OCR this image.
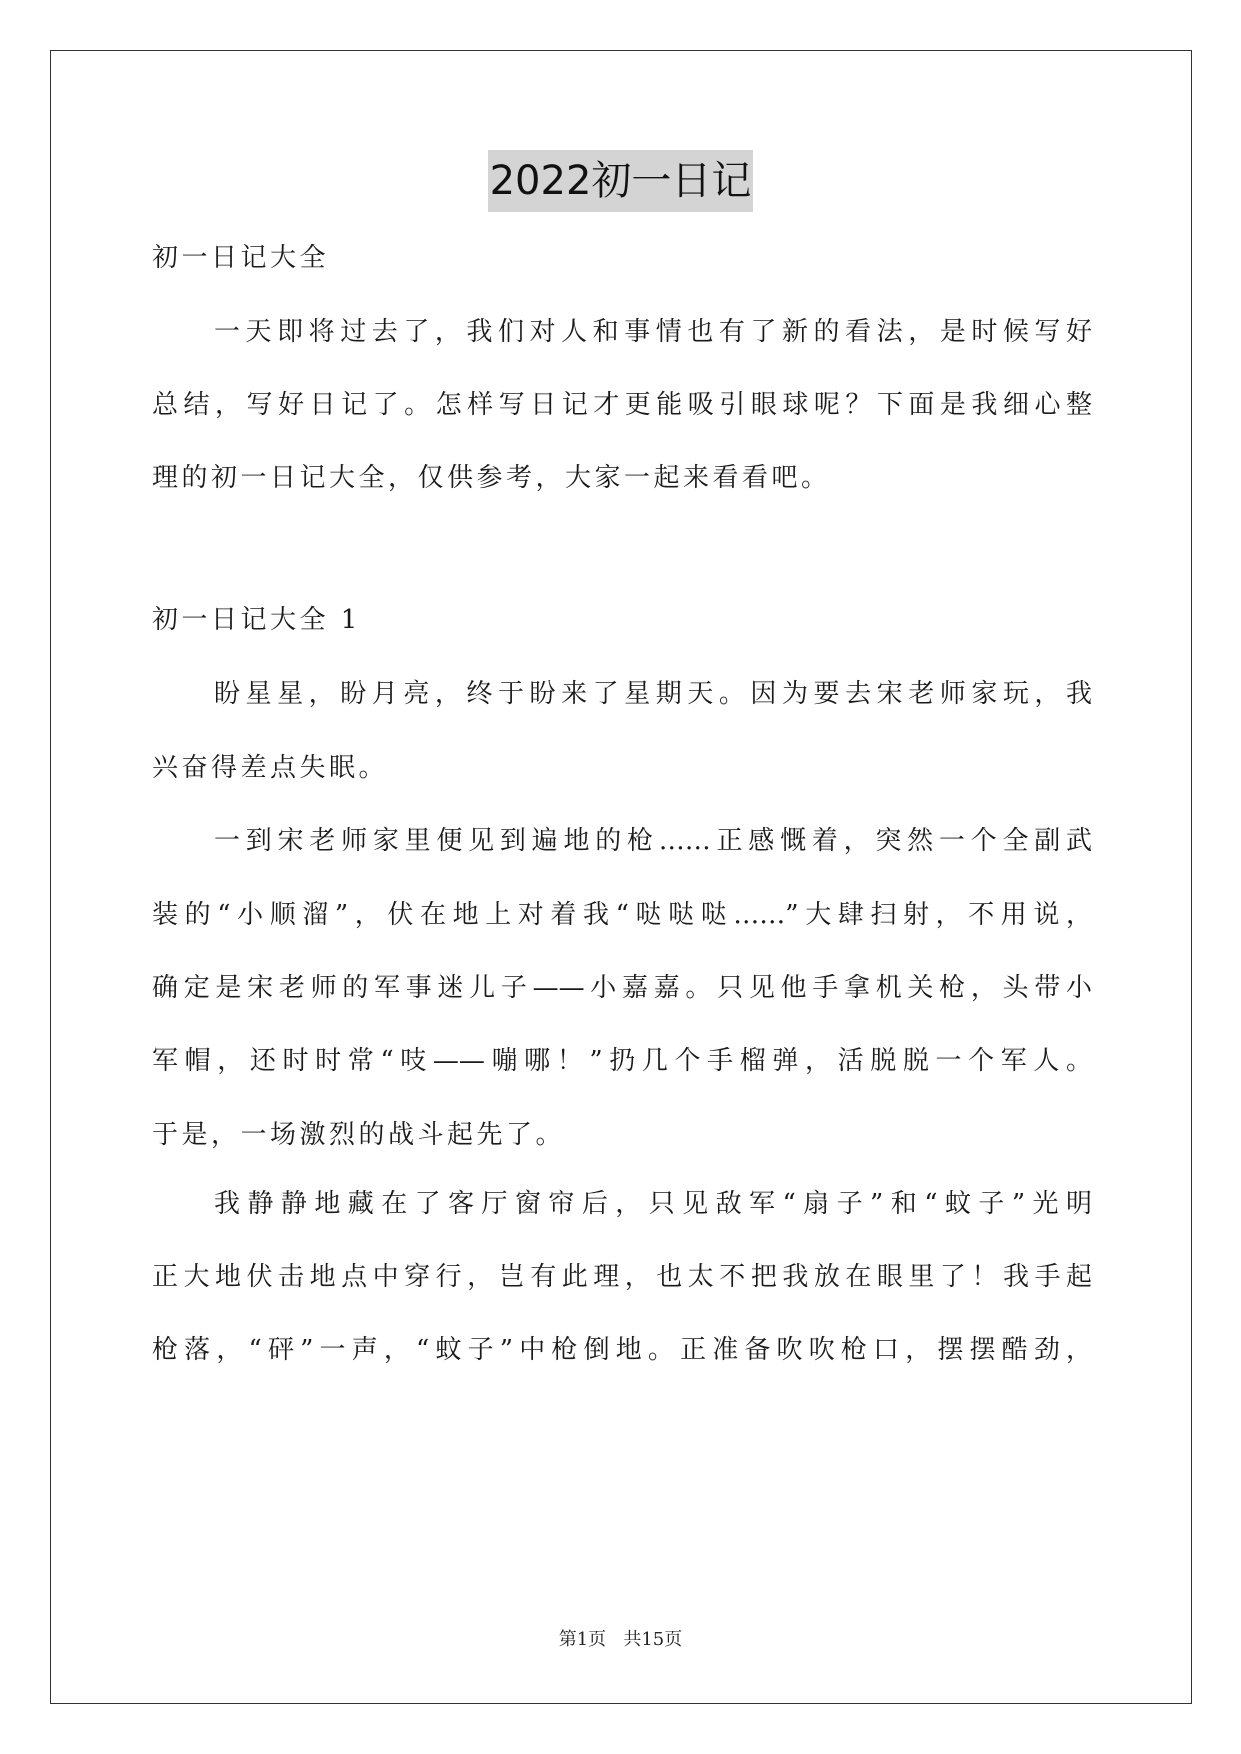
2022初一日记
初一日记大全
一天即将过去了，我们对人和事情也有了新的看法，是时候写好
总结，写好日记了。怎样写日记才更能吸引眼球呢？下面是我细心整
理的初一日记大全，仅供参考，大家一起来看看吧。
初一日记大全 1
盼星星，盼月亮，终于盼来了星期天。因为要去宋老师家玩，我
兴奋得差点失眠。
一到宋老师家里便见到遍地的枪……正感慨着，突然一个全副武
装的“小顺溜”，伏在地上对着我“哒哒哒……”大肆扫射，不用说，
确定是宋老师的军事迷儿子——小嘉嘉。只见他手拿机关枪，头带小
军帽，还时时常“吱——嘣哪！”扔几个手榴弹，活脱脱一个军人。
于是，一场激烈的战斗起先了。
我静静地藏在了客厅窗帘后，只见敌军“扇子”和“蚊子”光明
正大地伏击地点中穿行，岂有此理，也太不把我放在眼里了！我手起
枪落，“砰”一声，“蚊子”中枪倒地。正准备吹吹枪口，摆摆酷劲，
第1页   共15页
